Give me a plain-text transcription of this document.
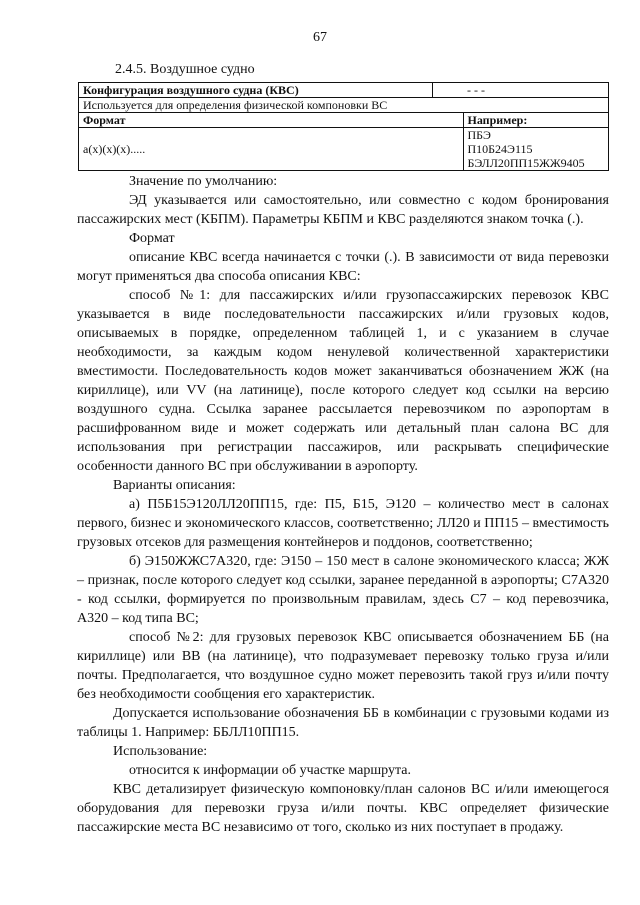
67
2.4.5. Воздушное судно
Конфигурация воздушного судна (КВС)		- - -
Используется для определения физической компоновки ВС		
Формат		Например:
а(x)(x)(x).....		ПБЭ
П10Б24Э115
БЭЛЛ20ПП15ЖЖ9405

Значение по умолчанию:

ЭД указывается или самостоятельно, или совместно с кодом бронирования пассажирских мест (КБПМ). Параметры КБПМ и КВС разделяются знаком точка (.).

Формат

описание КВС всегда начинается с точки (.). В зависимости от вида перевозки могут применяться два способа описания КВС:

способ №1: для пассажирских и/или грузопассажирских перевозок КВС указывается в виде последовательности пассажирских и/или грузовых кодов, описываемых в порядке, определенном таблицей 1, и с указанием в случае необходимости, за каждым кодом ненулевой количественной характеристики вместимости. Последовательность кодов может заканчиваться обозначением ЖЖ (на кириллице), или VV (на латинице), после которого следует код ссылки на версию воздушного судна. Ссылка заранее рассылается перевозчиком по аэропортам в расшифрованном виде и может содержать или детальный план салона ВС для использования при регистрации пассажиров, или раскрывать специфические особенности данного ВС при обслуживании в аэропорту.

Варианты описания:

а) П5Б15Э120ЛЛ20ПП15, где: П5, Б15, Э120 – количество мест в салонах первого, бизнес и экономического классов, соответственно; ЛЛ20 и ПП15 – вместимость грузовых отсеков для размещения контейнеров и поддонов, соответственно;

б) Э150ЖЖС7А320, где: Э150 – 150 мест в салоне экономического класса; ЖЖ – признак, после которого следует код ссылки, заранее переданной в аэропорты; С7А320 - код ссылки, формируется по произвольным правилам, здесь С7 – код перевозчика, А320 – код типа ВС;

способ №2: для грузовых перевозок КВС описывается обозначением ББ (на кириллице) или ВВ (на латинице), что подразумевает перевозку только груза и/или почты. Предполагается, что воздушное судно может перевозить такой груз и/или почту без необходимости сообщения его характеристик.

Допускается использование обозначения ББ в комбинации с грузовыми кодами из таблицы 1. Например: ББЛЛ10ПП15.

Использование:

относится к информации об участке маршрута.

КВС детализирует физическую компоновку/план салонов ВС и/или имеющегося оборудования для перевозки груза и/или почты. КВС определяет физические пассажирские места ВС независимо от того, сколько из них поступает в продажу.
